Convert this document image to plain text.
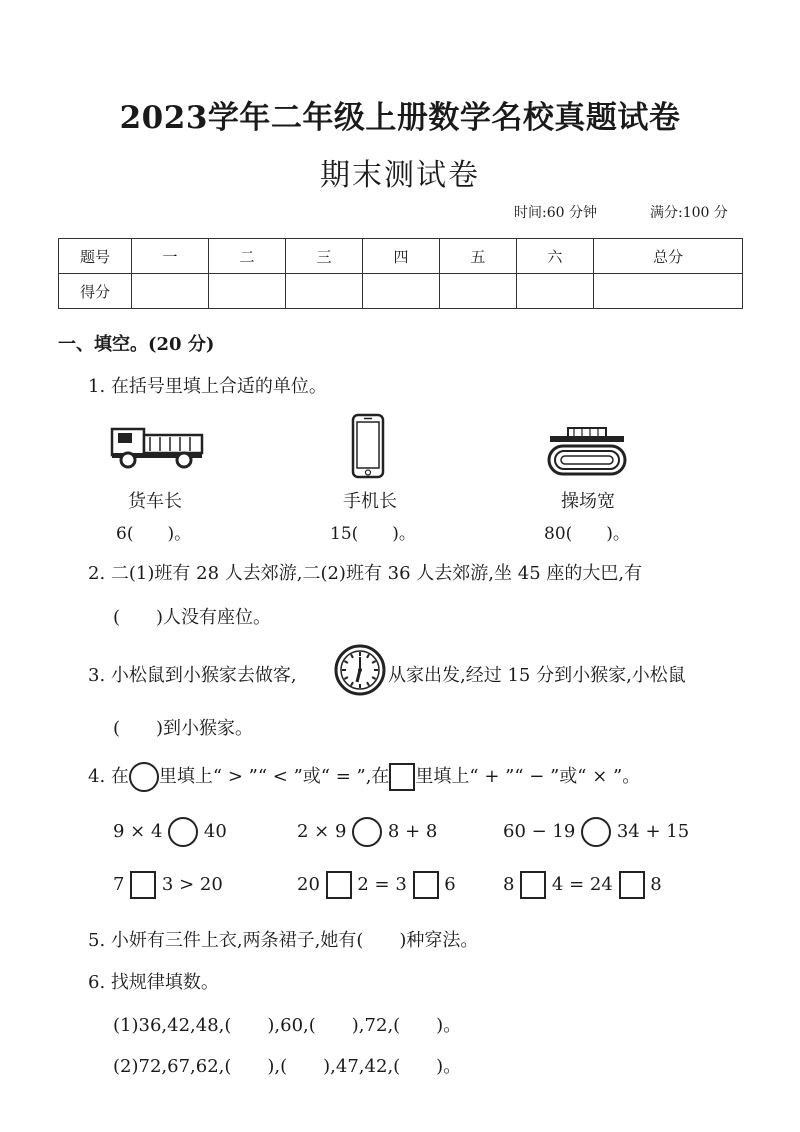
2023学年二年级上册数学名校真题试卷
期末测试卷
时间:60 分钟	满分:100 分
题号	一	二	三	四	五	六	总分
得分							
一、填空。(20 分)
1. 在括号里填上合适的单位。
货车长	手机长	操场宽
6(　　)。	15(　　)。	80(　　)。
2. 二(1)班有 28 人去郊游,二(2)班有 36 人去郊游,坐 45 座的大巴,有
(　　)人没有座位。
3. 小松鼠到小猴家去做客,	从家出发,经过 15 分到小猴家,小松鼠
(　　)到小猴家。
4. 在 里填上“ > ”“ < ”或“ = ”,在 里填上“ + ”“ − ”或“ × ”。
9 × 4 40	2 × 9 8 + 8	60 − 19 34 + 15
7 3 > 20	20 2 = 3 6	8 4 = 24 8
5. 小妍有三件上衣,两条裙子,她有(　　)种穿法。
6. 找规律填数。
(1)36,42,48,(　　),60,(　　),72,(　　)。
(2)72,67,62,(　　),(　　),47,42,(　　)。
